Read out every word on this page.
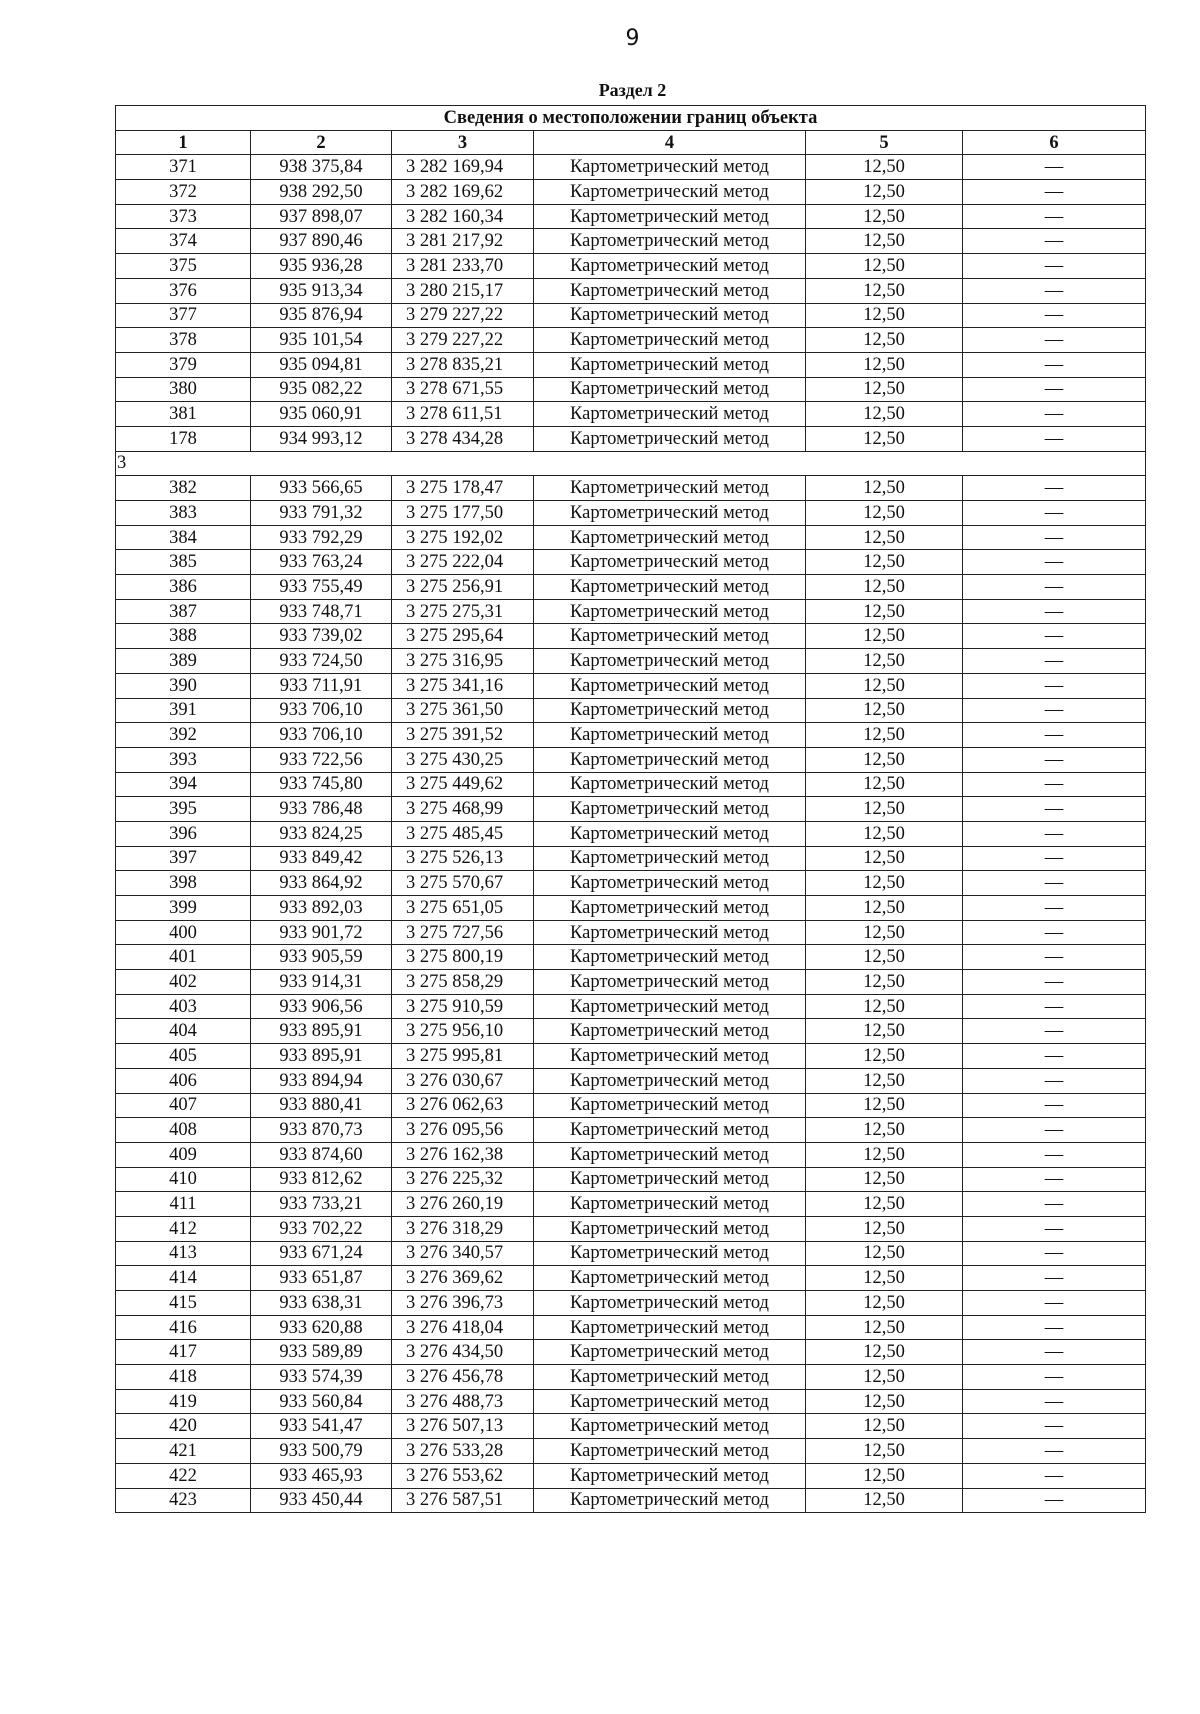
9
Раздел 2
Сведения о местоположении границ объекта					
1	2	3	4	5	6
371	938 375,84	3 282 169,94	Картометрический метод	12,50	—
372	938 292,50	3 282 169,62	Картометрический метод	12,50	—
373	937 898,07	3 282 160,34	Картометрический метод	12,50	—
374	937 890,46	3 281 217,92	Картометрический метод	12,50	—
375	935 936,28	3 281 233,70	Картометрический метод	12,50	—
376	935 913,34	3 280 215,17	Картометрический метод	12,50	—
377	935 876,94	3 279 227,22	Картометрический метод	12,50	—
378	935 101,54	3 279 227,22	Картометрический метод	12,50	—
379	935 094,81	3 278 835,21	Картометрический метод	12,50	—
380	935 082,22	3 278 671,55	Картометрический метод	12,50	—
381	935 060,91	3 278 611,51	Картометрический метод	12,50	—
178	934 993,12	3 278 434,28	Картометрический метод	12,50	—
3					
382	933 566,65	3 275 178,47	Картометрический метод	12,50	—
383	933 791,32	3 275 177,50	Картометрический метод	12,50	—
384	933 792,29	3 275 192,02	Картометрический метод	12,50	—
385	933 763,24	3 275 222,04	Картометрический метод	12,50	—
386	933 755,49	3 275 256,91	Картометрический метод	12,50	—
387	933 748,71	3 275 275,31	Картометрический метод	12,50	—
388	933 739,02	3 275 295,64	Картометрический метод	12,50	—
389	933 724,50	3 275 316,95	Картометрический метод	12,50	—
390	933 711,91	3 275 341,16	Картометрический метод	12,50	—
391	933 706,10	3 275 361,50	Картометрический метод	12,50	—
392	933 706,10	3 275 391,52	Картометрический метод	12,50	—
393	933 722,56	3 275 430,25	Картометрический метод	12,50	—
394	933 745,80	3 275 449,62	Картометрический метод	12,50	—
395	933 786,48	3 275 468,99	Картометрический метод	12,50	—
396	933 824,25	3 275 485,45	Картометрический метод	12,50	—
397	933 849,42	3 275 526,13	Картометрический метод	12,50	—
398	933 864,92	3 275 570,67	Картометрический метод	12,50	—
399	933 892,03	3 275 651,05	Картометрический метод	12,50	—
400	933 901,72	3 275 727,56	Картометрический метод	12,50	—
401	933 905,59	3 275 800,19	Картометрический метод	12,50	—
402	933 914,31	3 275 858,29	Картометрический метод	12,50	—
403	933 906,56	3 275 910,59	Картометрический метод	12,50	—
404	933 895,91	3 275 956,10	Картометрический метод	12,50	—
405	933 895,91	3 275 995,81	Картометрический метод	12,50	—
406	933 894,94	3 276 030,67	Картометрический метод	12,50	—
407	933 880,41	3 276 062,63	Картометрический метод	12,50	—
408	933 870,73	3 276 095,56	Картометрический метод	12,50	—
409	933 874,60	3 276 162,38	Картометрический метод	12,50	—
410	933 812,62	3 276 225,32	Картометрический метод	12,50	—
411	933 733,21	3 276 260,19	Картометрический метод	12,50	—
412	933 702,22	3 276 318,29	Картометрический метод	12,50	—
413	933 671,24	3 276 340,57	Картометрический метод	12,50	—
414	933 651,87	3 276 369,62	Картометрический метод	12,50	—
415	933 638,31	3 276 396,73	Картометрический метод	12,50	—
416	933 620,88	3 276 418,04	Картометрический метод	12,50	—
417	933 589,89	3 276 434,50	Картометрический метод	12,50	—
418	933 574,39	3 276 456,78	Картометрический метод	12,50	—
419	933 560,84	3 276 488,73	Картометрический метод	12,50	—
420	933 541,47	3 276 507,13	Картометрический метод	12,50	—
421	933 500,79	3 276 533,28	Картометрический метод	12,50	—
422	933 465,93	3 276 553,62	Картометрический метод	12,50	—
423	933 450,44	3 276 587,51	Картометрический метод	12,50	—
